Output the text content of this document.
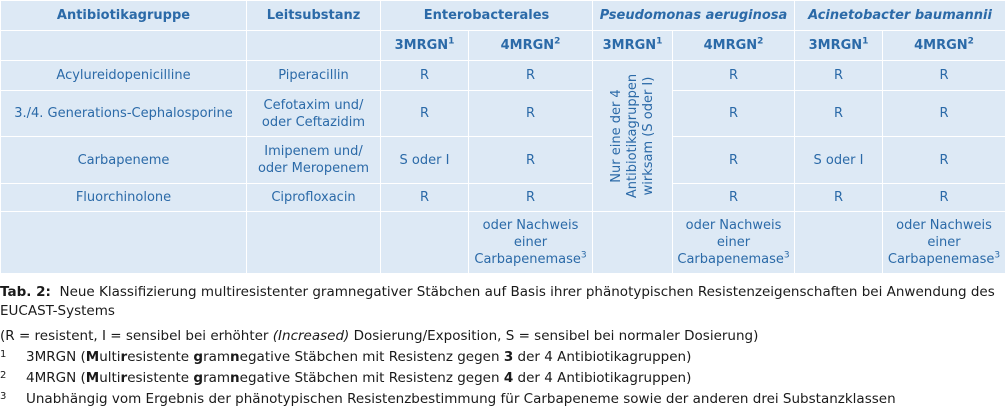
Antibiotikagruppe	Leitsubstanz	Enterobacterales		Pseudomonas aeruginosa		Acinetobacter baumannii	
		3MRGN$^1$	4MRGN$^2$	3MRGN$^1$	4MRGN$^2$	3MRGN$^1$	4MRGN$^2$
Acylureidopenicilline	Piperacillin	R	R	Nur eine der 4 Antibiotikagruppen wirksam (S oder I)	R	R	R
3./4. Generations-Cephalosporine	Cefotaxim und/ oder Ceftazidim	R	R		R	R	R
Carbapeneme	Imipenem und/ oder Meropenem	S oder I	R		R	S oder I	R
Fluorchinolone	Ciprofloxacin	R	R		R	R	R
			oder Nachweis einer Carbapenemase$^3$		oder Nachweis einer Carbapenemase$^3$		oder Nachweis einer Carbapenemase$^3$
Tab. 2: Neue Klassifizierung multiresistenter gramnegativer Stäbchen auf Basis ihrer phänotypischen Resistenzeigenschaften bei Anwendung des EUCAST-Systems
(R = resistent, I = sensibel bei erhöhter (Increased) Dosierung/Exposition, S = sensibel bei normaler Dosierung)
1	3MRGN (Multiresistente gramnegative Stäbchen mit Resistenz gegen 3 der 4 Antibiotikagruppen)
2	4MRGN (Multiresistente gramnegative Stäbchen mit Resistenz gegen 4 der 4 Antibiotikagruppen)
3	Unabhängig vom Ergebnis der phänotypischen Resistenzbestimmung für Carbapeneme sowie der anderen drei Substanzklassen
